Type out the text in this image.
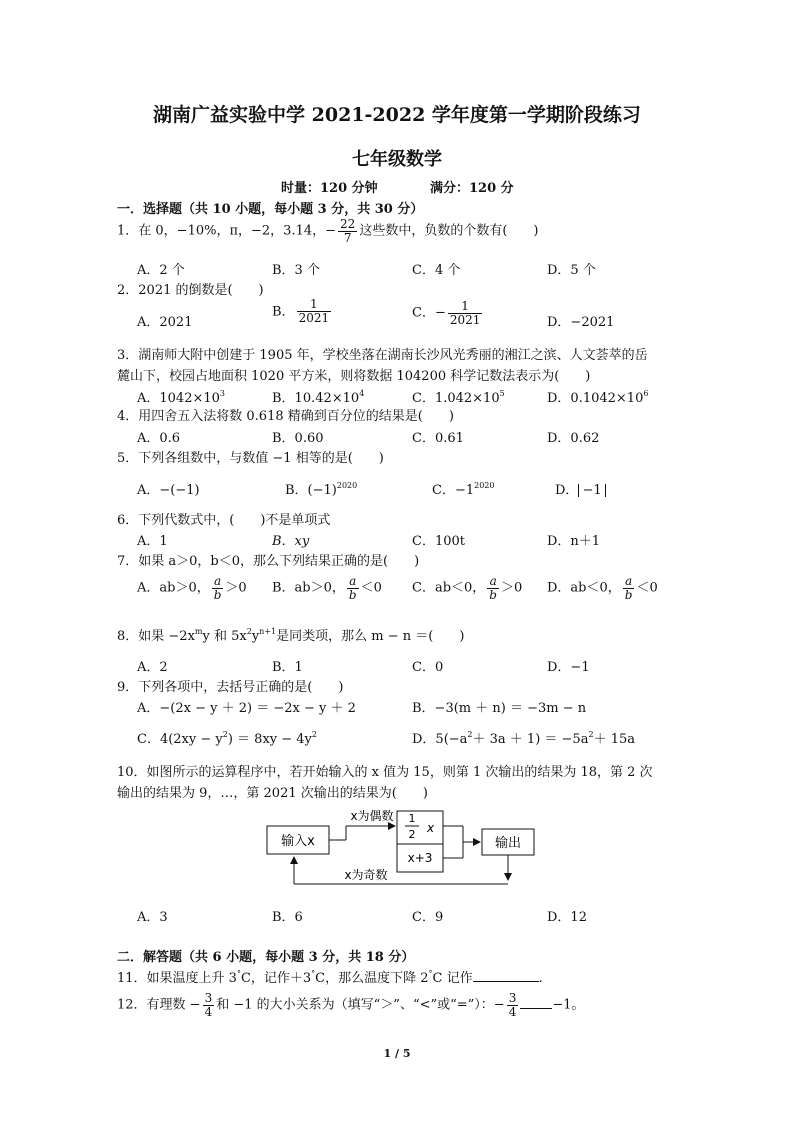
湖南广益实验中学 2021-2022 学年度第一学期阶段练习
七年级数学
时量：120 分钟	满分：120 分
一．选择题（共 10 小题，每小题 3 分，共 30 分）
1．在 0，−10%，π，−2，3.14，− $\frac{22}{7}$ 这些数中，负数的个数有(　　)
A．2 个	B．3 个	C．4 个	D．5 个
2．2021 的倒数是(　　)
A．2021
B． $\frac{1}{2021}$	C．− $\frac{1}{2021}$	D．−2021
3．湖南师大附中创建于 1905 年，学校坐落在湖南长沙风光秀丽的湘江之滨、人文荟萃的岳
麓山下，校园占地面积 1020 平方米，则将数据 104200 科学记数法表示为(　　)
A．$1042\times 10^3$	B．$10.42\times 10^4$	C．$1.042\times 10^5$	D．$0.1042\times 10^6$
4．用四舍五入法将数 0.618 精确到百分位的结果是(　　)
A．0.6	B．0.60	C．0.61	D．0.62
5．下列各组数中，与数值 −1 相等的是(　　)
A．−(−1)	B．$(-1)^{2020}$	C．$-1^{2020}$	D． −1
6．下列代数式中，(　　)不是单项式
A．1	B．xy	C．100t	D．n＋1
7．如果 a＞0，b＜0，那么下列结果正确的是(　　)
A．ab＞0， $\frac{a}{b} >0$ B．ab＞0， $\frac{a}{b} <0$ C．ab＜0， $\frac{a}{b} >0$ D．ab＜0， $\frac{a}{b} <0$
8．如果 $-2x^my$ 和 $5x^2y^{n+1}$是同类项，那么 m − n ＝(　　)
A．2	B．1	C．0	D．−1
9．下列各项中，去括号正确的是(　　)
A．−(2x − y ＋ 2) ＝ −2x − y ＋ 2	B．−3(m ＋ n) ＝ −3m − n
C．$4(2xy - y^2) = 8xy - 4y^2$	D．$5(-a^2+ 3a + 1) = -5a^2+ 15a$
10．如图所示的运算程序中，若开始输入的 x 值为 15，则第 1 次输出的结果为 18，第 2 次
输出的结果为 9，…，第 2021 次输出的结果为(　　)
输入x
1
2 x
x+3
输出
x为偶数
x为奇数
A．3	B．6	C．9	D．12
二．解答题（共 6 小题，每小题 3 分，共 18 分）
11．如果温度上升 3°C，记作＋3°C，那么温度下降 2°C 记作	.
12．有理数 − $\frac{3}{4}$ 和 −1 的大小关系为（填写“＞”、“<”或“=”）：− $\frac{3}{4}$	−1。
1 / 5
